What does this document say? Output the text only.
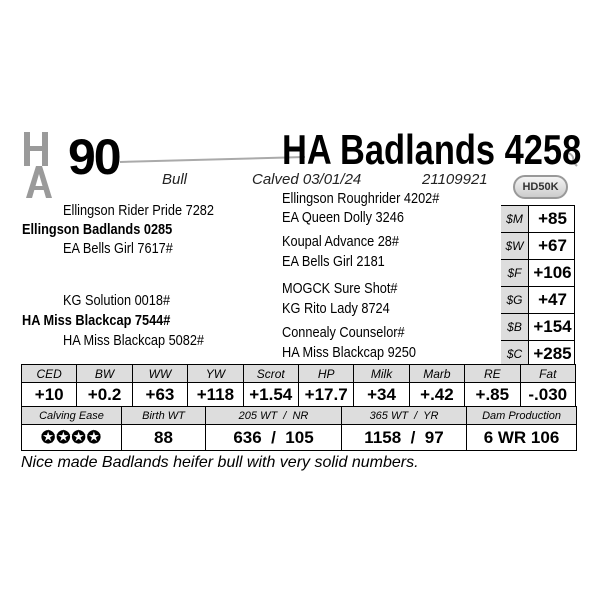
90	HA Badlands 4258
Bull	Calved 03/01/24	21109921	HD50K
Ellingson Rider Pride 7282
Ellingson Badlands 0285
EA Bells Girl 7617#
KG Solution 0018#
HA Miss Blackcap 7544#
HA Miss Blackcap 5082#
Ellingson Roughrider 4202#
EA Queen Dolly 3246
Koupal Advance 28#
EA Bells Girl 2181
MOGCK Sure Shot#
KG Rito Lady 8724
Connealy Counselor#
HA Miss Blackcap 9250
$M +85
$W +67
$F +106
$G +47
$B +154
$C +285
CED	BW	WW	YW	Scrot	HP	Milk	Marb	RE	Fat
+10	+0.2	+63	+118	+1.54	+17.7	+34	+.42	+.85	-.030
Calving Ease	Birth WT	205 WT  /  NR	365 WT  /  YR	Dam Production
✪✪✪✪	88	636  /  105	1158  /  97	6 WR 106
Nice made Badlands heifer bull with very solid numbers.
